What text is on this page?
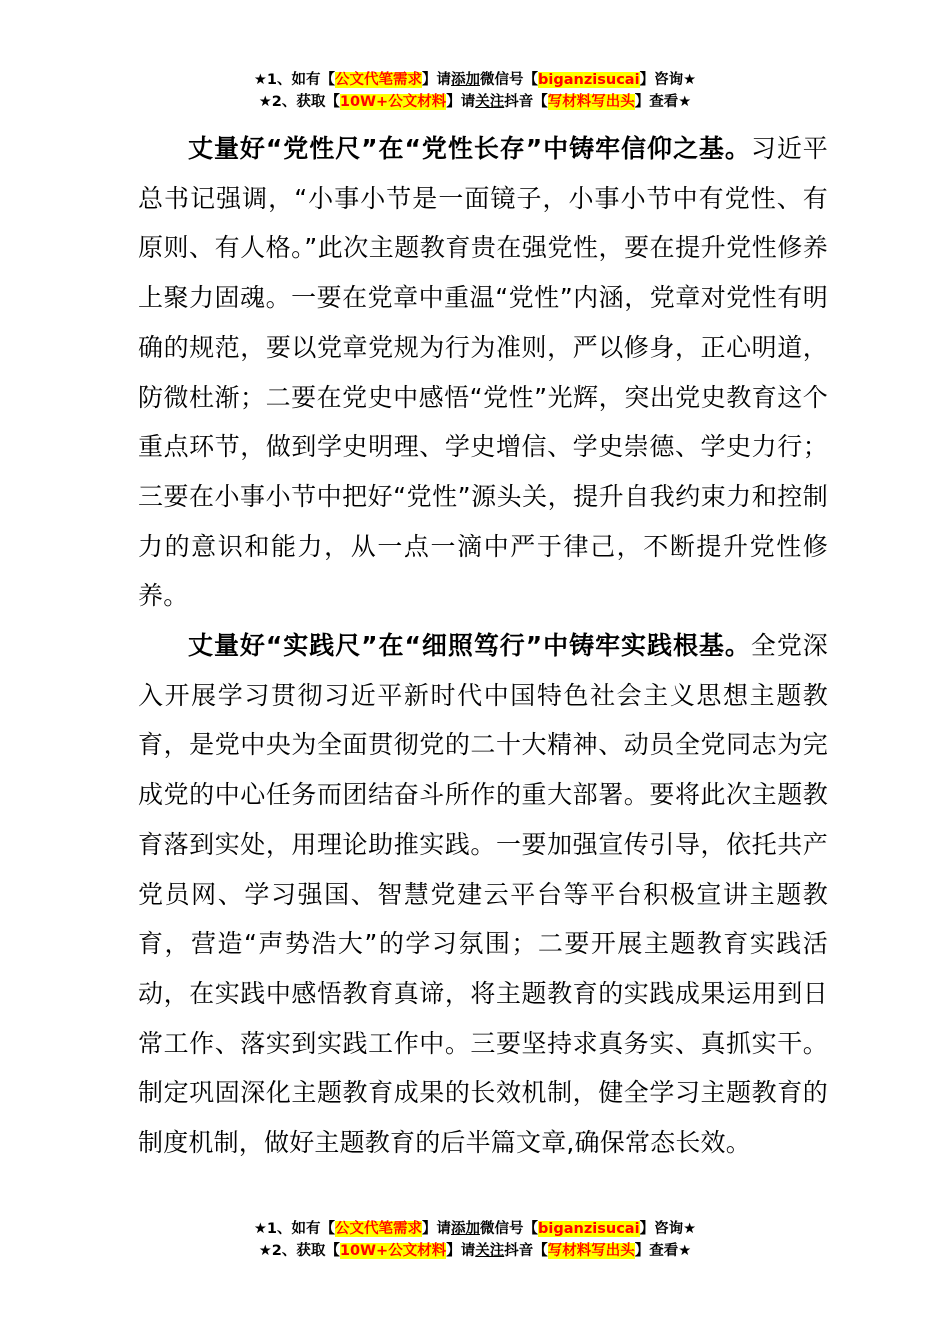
★1、如有【公文代笔需求】请添加微信号【biganzisucai】咨询★
★2、获取【10W+公文材料】请关注抖音【写材料写出头】查看★

丈量好“党性尺”在“党性长存”中铸牢信仰之基。习近平总书记强调，“小事小节是一面镜子，小事小节中有党性、有原则、有人格。”此次主题教育贵在强党性，要在提升党性修养上聚力固魂。一要在党章中重温“党性”内涵，党章对党性有明确的规范，要以党章党规为行为准则，严以修身，正心明道，防微杜渐；二要在党史中感悟“党性”光辉，突出党史教育这个重点环节，做到学史明理、学史增信、学史崇德、学史力行；三要在小事小节中把好“党性”源头关，提升自我约束力和控制力的意识和能力，从一点一滴中严于律己，不断提升党性修养。

丈量好“实践尺”在“细照笃行”中铸牢实践根基。全党深入开展学习贯彻习近平新时代中国特色社会主义思想主题教育，是党中央为全面贯彻党的二十大精神、动员全党同志为完成党的中心任务而团结奋斗所作的重大部署。要将此次主题教育落到实处，用理论助推实践。一要加强宣传引导，依托共产党员网、学习强国、智慧党建云平台等平台积极宣讲主题教育，营造“声势浩大”的学习氛围；二要开展主题教育实践活动，在实践中感悟教育真谛，将主题教育的实践成果运用到日常工作、落实到实践工作中。三要坚持求真务实、真抓实干。制定巩固深化主题教育成果的长效机制，健全学习主题教育的制度机制，做好主题教育的后半篇文章,确保常态长效。

★1、如有【公文代笔需求】请添加微信号【biganzisucai】咨询★
★2、获取【10W+公文材料】请关注抖音【写材料写出头】查看★
